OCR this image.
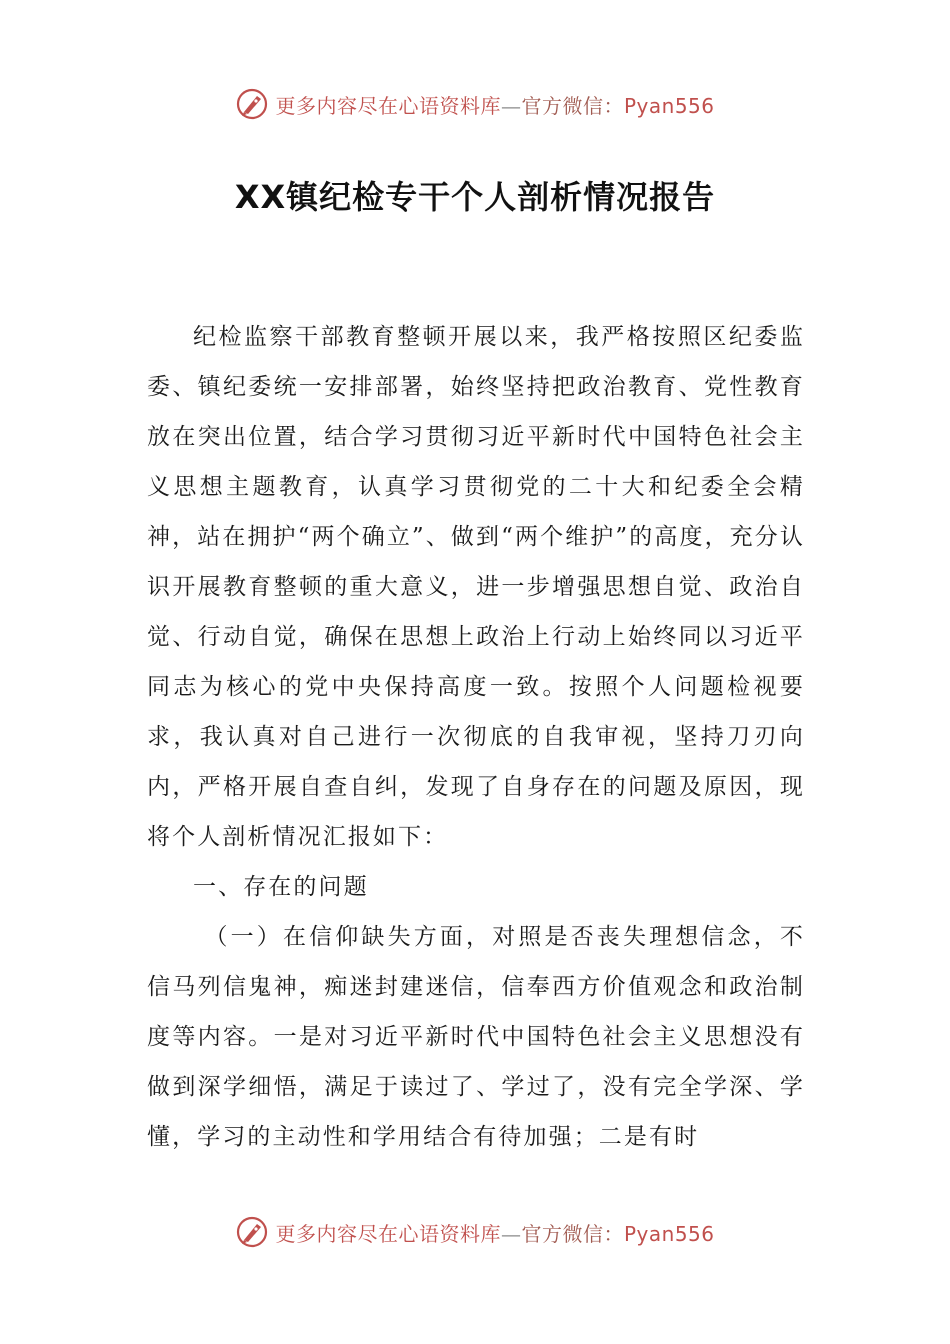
更多内容尽在心语资料库—官方微信：Pyan556
XX镇纪检专干个人剖析情况报告

纪检监察干部教育整顿开展以来，我严格按照区纪委监委、镇纪委统一安排部署，始终坚持把政治教育、党性教育放在突出位置，结合学习贯彻习近平新时代中国特色社会主义思想主题教育，认真学习贯彻党的二十大和纪委全会精神，站在拥护“两个确立”、做到“两个维护”的高度，充分认识开展教育整顿的重大意义，进一步增强思想自觉、政治自觉、行动自觉，确保在思想上政治上行动上始终同以习近平同志为核心的党中央保持高度一致。按照个人问题检视要求，我认真对自己进行一次彻底的自我审视，坚持刀刃向内，严格开展自查自纠，发现了自身存在的问题及原因，现将个人剖析情况汇报如下：

一、存在的问题

（一）在信仰缺失方面，对照是否丧失理想信念，不信马列信鬼神，痴迷封建迷信，信奉西方价值观念和政治制度等内容。一是对习近平新时代中国特色社会主义思想没有做到深学细悟，满足于读过了、学过了，没有完全学深、学懂，学习的主动性和学用结合有待加强；二是有时

更多内容尽在心语资料库—官方微信：Pyan556
